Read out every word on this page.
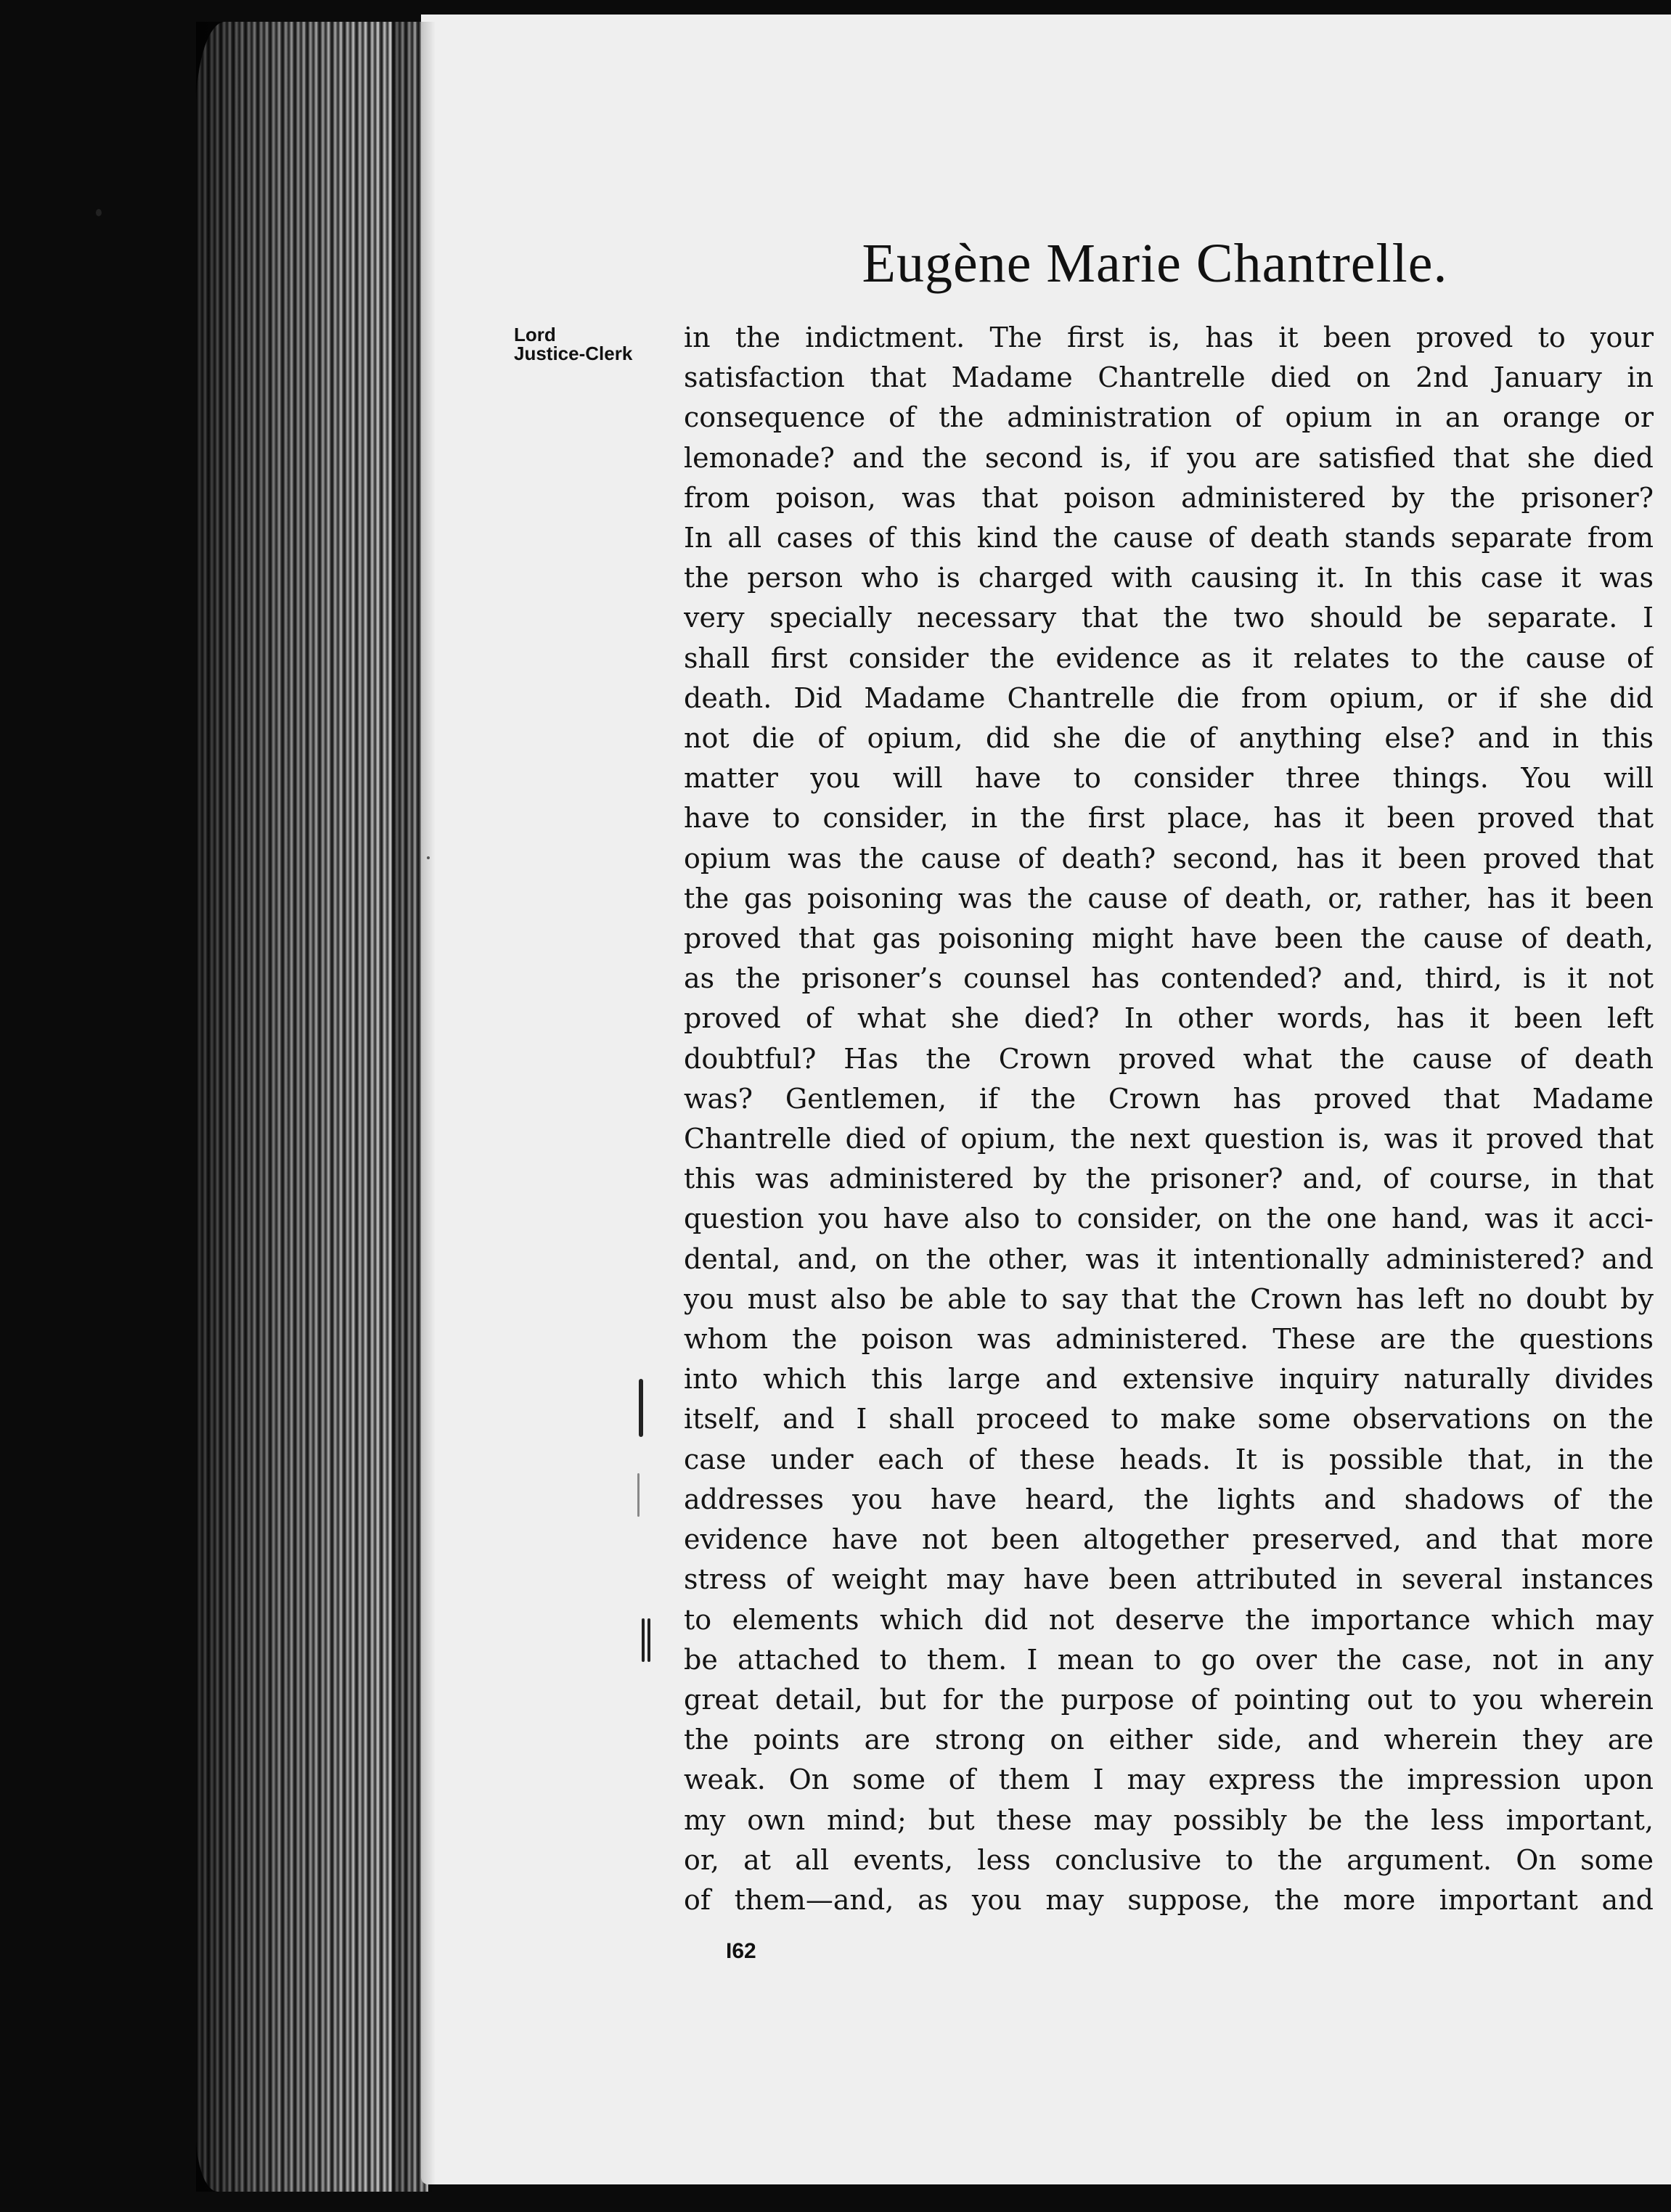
Eugène Marie Chantrelle.
Lord
Justice-Clerk	in the indictment. The first is, has it been proved to your
satisfaction that Madame Chantrelle died on 2nd January in
consequence of the administration of opium in an orange or
lemonade? and the second is, if you are satisfied that she died
from poison, was that poison administered by the prisoner?
In all cases of this kind the cause of death stands separate from
the person who is charged with causing it. In this case it was
very specially necessary that the two should be separate. I
shall first consider the evidence as it relates to the cause of
death. Did Madame Chantrelle die from opium, or if she did
not die of opium, did she die of anything else? and in this
matter you will have to consider three things. You will
have to consider, in the first place, has it been proved that
opium was the cause of death? second, has it been proved that
the gas poisoning was the cause of death, or, rather, has it been
proved that gas poisoning might have been the cause of death,
as the prisoner’s counsel has contended? and, third, is it not
proved of what she died? In other words, has it been left
doubtful? Has the Crown proved what the cause of death
was? Gentlemen, if the Crown has proved that Madame
Chantrelle died of opium, the next question is, was it proved that
this was administered by the prisoner? and, of course, in that
question you have also to consider, on the one hand, was it acci-
dental, and, on the other, was it intentionally administered? and
you must also be able to say that the Crown has left no doubt by
whom the poison was administered. These are the questions
into which this large and extensive inquiry naturally divides
itself, and I shall proceed to make some observations on the
case under each of these heads. It is possible that, in the
addresses you have heard, the lights and shadows of the
evidence have not been altogether preserved, and that more
stress of weight may have been attributed in several instances
to elements which did not deserve the importance which may
be attached to them. I mean to go over the case, not in any
great detail, but for the purpose of pointing out to you wherein
the points are strong on either side, and wherein they are
weak. On some of them I may express the impression upon
my own mind; but these may possibly be the less important,
or, at all events, less conclusive to the argument. On some
of them—and, as you may suppose, the more important and
I62
